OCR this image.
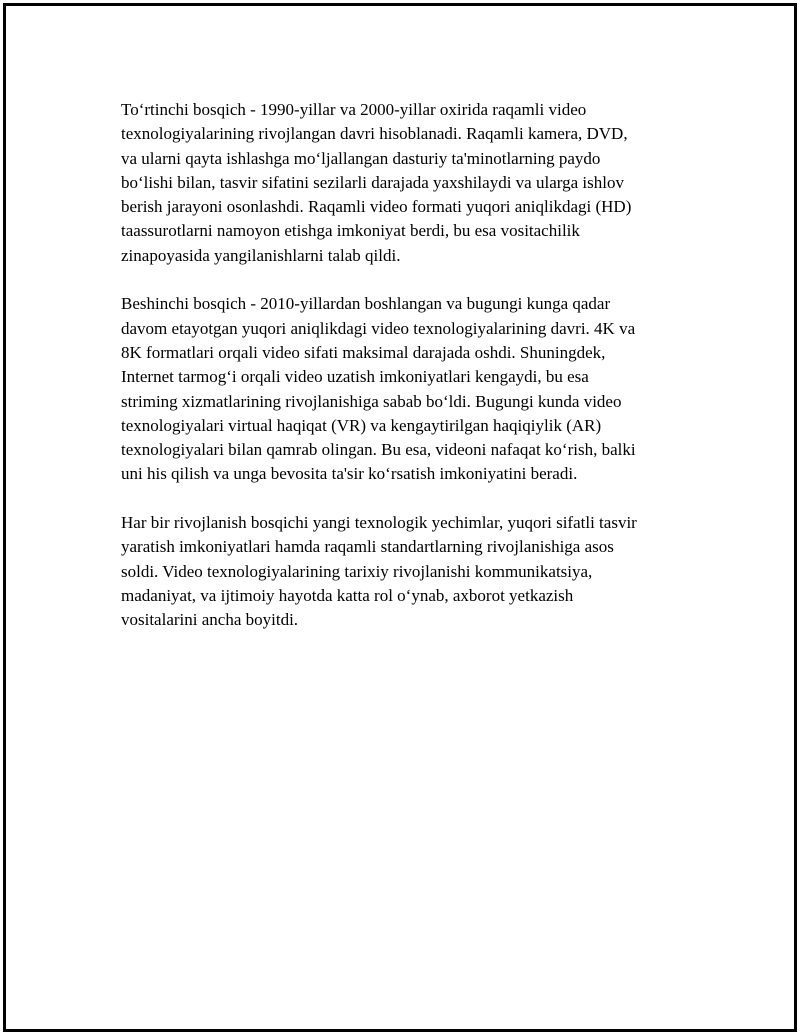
To‘rtinchi bosqich - 1990-yillar va 2000-yillar oxirida raqamli video
texnologiyalarining rivojlangan davri hisoblanadi. Raqamli kamera, DVD,
va ularni qayta ishlashga mo‘ljallangan dasturiy ta'minotlarning paydo
bo‘lishi bilan, tasvir sifatini sezilarli darajada yaxshilaydi va ularga ishlov
berish jarayoni osonlashdi. Raqamli video formati yuqori aniqlikdagi (HD)
taassurotlarni namoyon etishga imkoniyat berdi, bu esa vositachilik
zinapoyasida yangilanishlarni talab qildi.

Beshinchi bosqich - 2010-yillardan boshlangan va bugungi kunga qadar
davom etayotgan yuqori aniqlikdagi video texnologiyalarining davri. 4K va
8K formatlari orqali video sifati maksimal darajada oshdi. Shuningdek,
Internet tarmog‘i orqali video uzatish imkoniyatlari kengaydi, bu esa
striming xizmatlarining rivojlanishiga sabab bo‘ldi. Bugungi kunda video
texnologiyalari virtual haqiqat (VR) va kengaytirilgan haqiqiylik (AR)
texnologiyalari bilan qamrab olingan. Bu esa, videoni nafaqat ko‘rish, balki
uni his qilish va unga bevosita ta'sir ko‘rsatish imkoniyatini beradi.

Har bir rivojlanish bosqichi yangi texnologik yechimlar, yuqori sifatli tasvir
yaratish imkoniyatlari hamda raqamli standartlarning rivojlanishiga asos
soldi. Video texnologiyalarining tarixiy rivojlanishi kommunikatsiya,
madaniyat, va ijtimoiy hayotda katta rol o‘ynab, axborot yetkazish
vositalarini ancha boyitdi.
